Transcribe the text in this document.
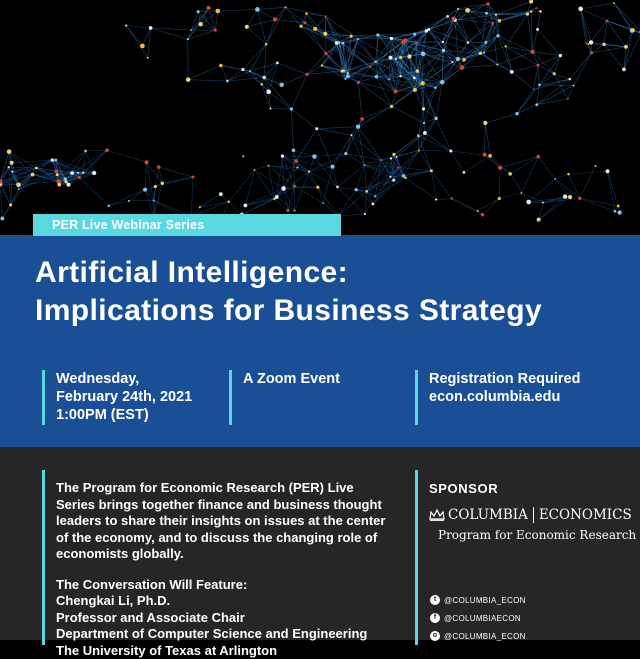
PER Live Webinar Series
Artificial Intelligence:
Implications for Business Strategy
Wednesday,
February 24th, 2021
1:00PM (EST)
A Zoom Event	Registration Required
econ.columbia.edu
The Program for Economic Research (PER) Live
Series brings together finance and business thought
leaders to share their insights on issues at the center
of the economy, and to discuss the changing role of
economists globally.
The Conversation Will Feature:
Chengkai Li, Ph.D.
Professor and Associate Chair
Department of Computer Science and Engineering
The University of Texas at Arlington
SPONSOR
COLUMBIA ECONOMICS
Program for Economic Research
t @COLUMBIA_ECON
f @COLUMBIAECON
o @COLUMBIA_ECON
